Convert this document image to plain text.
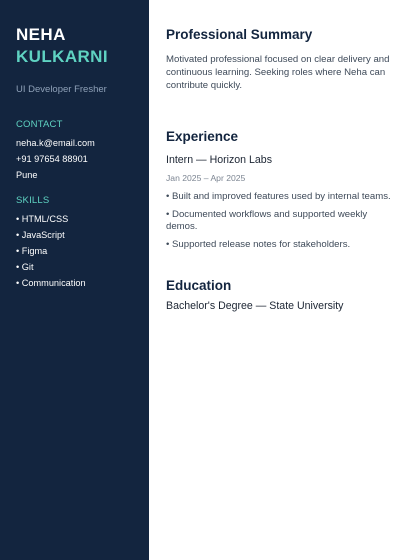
NEHA
KULKARNI
UI Developer Fresher
CONTACT
neha.k@email.com
+91 97654 88901
Pune
SKILLS
• HTML/CSS
• JavaScript
• Figma
• Git
• Communication
Professional Summary

Motivated professional focused on clear delivery and continuous learning. Seeking roles where Neha can contribute quickly.

Experience
Intern — Horizon Labs
Jan 2025 – Apr 2025
• Built and improved features used by internal teams.
• Documented workflows and supported weekly demos.
• Supported release notes for stakeholders.
Education
Bachelor's Degree — State University
